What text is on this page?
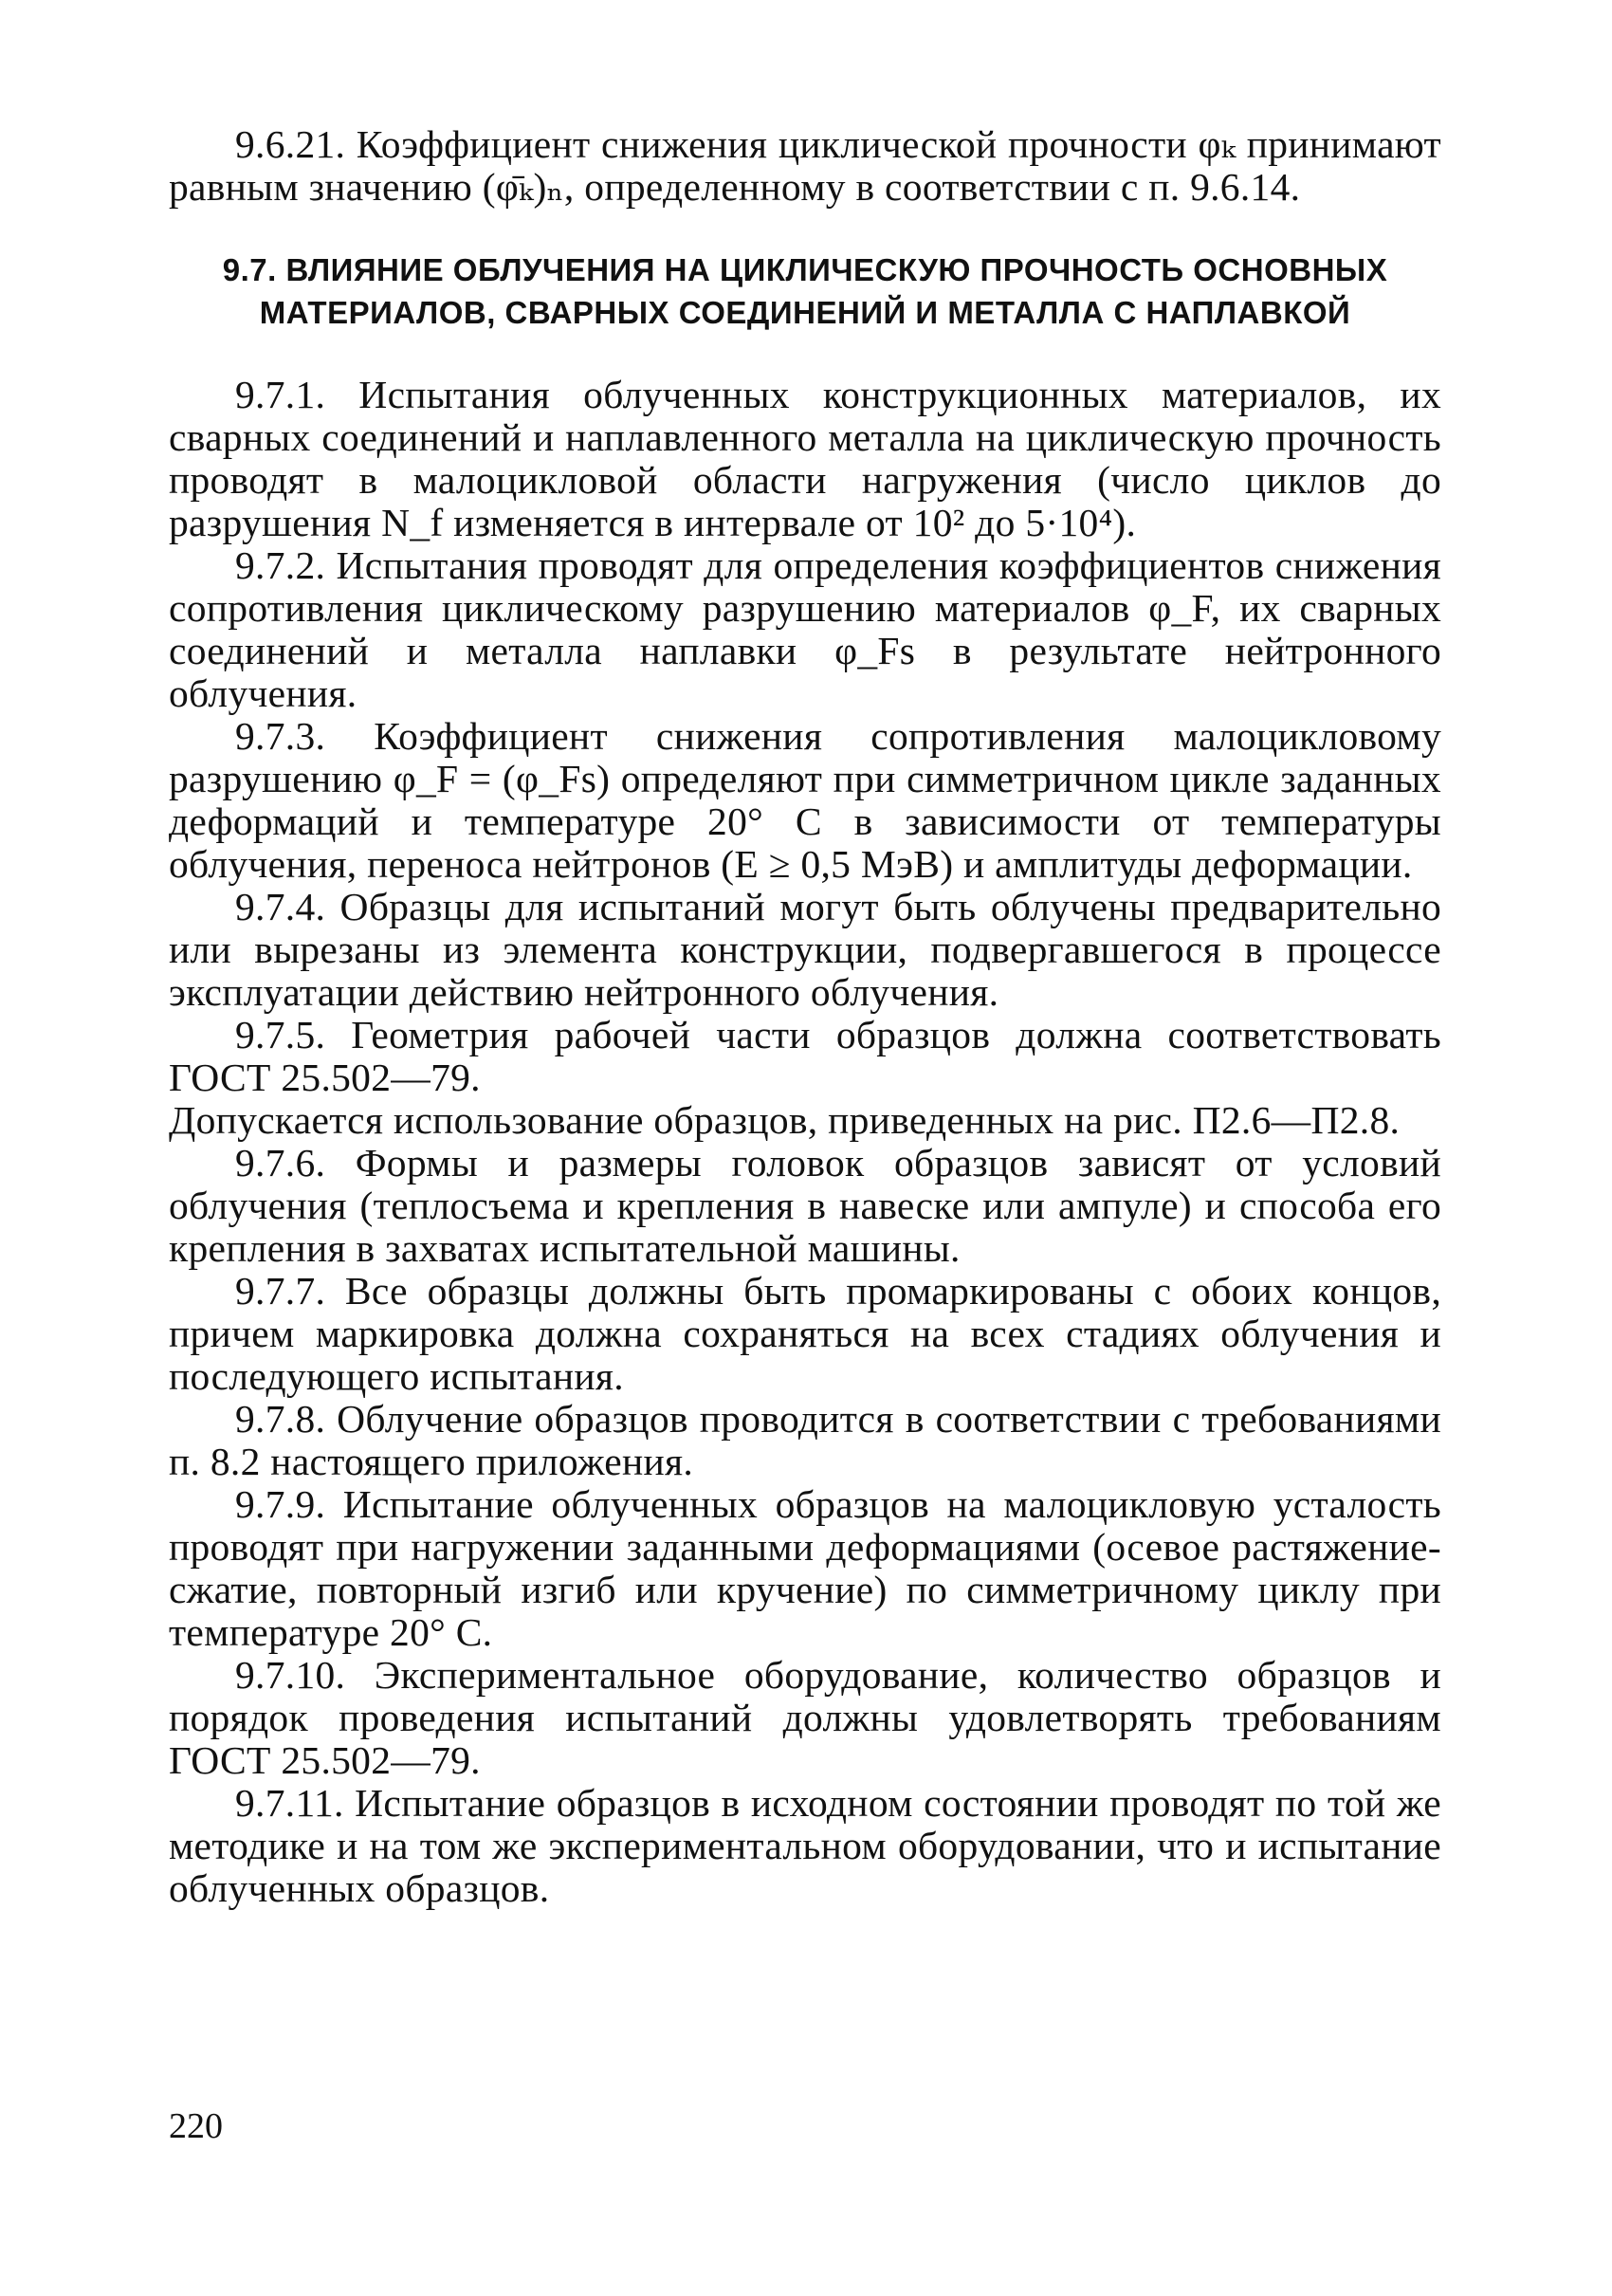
9.6.21. Коэффициент снижения циклической прочности φₖ принимают равным значению (φ̄ₖ)ₙ, определенному в соответствии с п. 9.6.14.

9.7. ВЛИЯНИЕ ОБЛУЧЕНИЯ НА ЦИКЛИЧЕСКУЮ ПРОЧНОСТЬ ОСНОВНЫХ МАТЕРИАЛОВ, СВАРНЫХ СОЕДИНЕНИЙ И МЕТАЛЛА С НАПЛАВКОЙ

9.7.1. Испытания облученных конструкционных материалов, их сварных соединений и наплавленного металла на циклическую прочность проводят в малоцикловой области нагружения (число циклов до разрушения N_f изменяется в интервале от 10² до 5·10⁴).

9.7.2. Испытания проводят для определения коэффициентов снижения сопротивления циклическому разрушению материалов φ_F, их сварных соединений и металла наплавки φ_Fs в результате нейтронного облучения.

9.7.3. Коэффициент снижения сопротивления малоцикловому разрушению φ_F = (φ_Fs) определяют при симметричном цикле заданных деформаций и температуре 20° С в зависимости от температуры облучения, переноса нейтронов (E ≥ 0,5 МэВ) и амплитуды деформации.

9.7.4. Образцы для испытаний могут быть облучены предварительно или вырезаны из элемента конструкции, подвергавшегося в процессе эксплуатации действию нейтронного облучения.

9.7.5. Геометрия рабочей части образцов должна соответствовать ГОСТ 25.502—79.

Допускается использование образцов, приведенных на рис. П2.6—П2.8.

9.7.6. Формы и размеры головок образцов зависят от условий облучения (теплосъема и крепления в навеске или ампуле) и способа его крепления в захватах испытательной машины.

9.7.7. Все образцы должны быть промаркированы с обоих концов, причем маркировка должна сохраняться на всех стадиях облучения и последующего испытания.

9.7.8. Облучение образцов проводится в соответствии с требованиями п. 8.2 настоящего приложения.

9.7.9. Испытание облученных образцов на малоцикловую усталость проводят при нагружении заданными деформациями (осевое растяжение-сжатие, повторный изгиб или кручение) по симметричному циклу при температуре 20° С.

9.7.10. Экспериментальное оборудование, количество образцов и порядок проведения испытаний должны удовлетворять требованиям ГОСТ 25.502—79.

9.7.11. Испытание образцов в исходном состоянии проводят по той же методике и на том же экспериментальном оборудовании, что и испытание облученных образцов.

220
